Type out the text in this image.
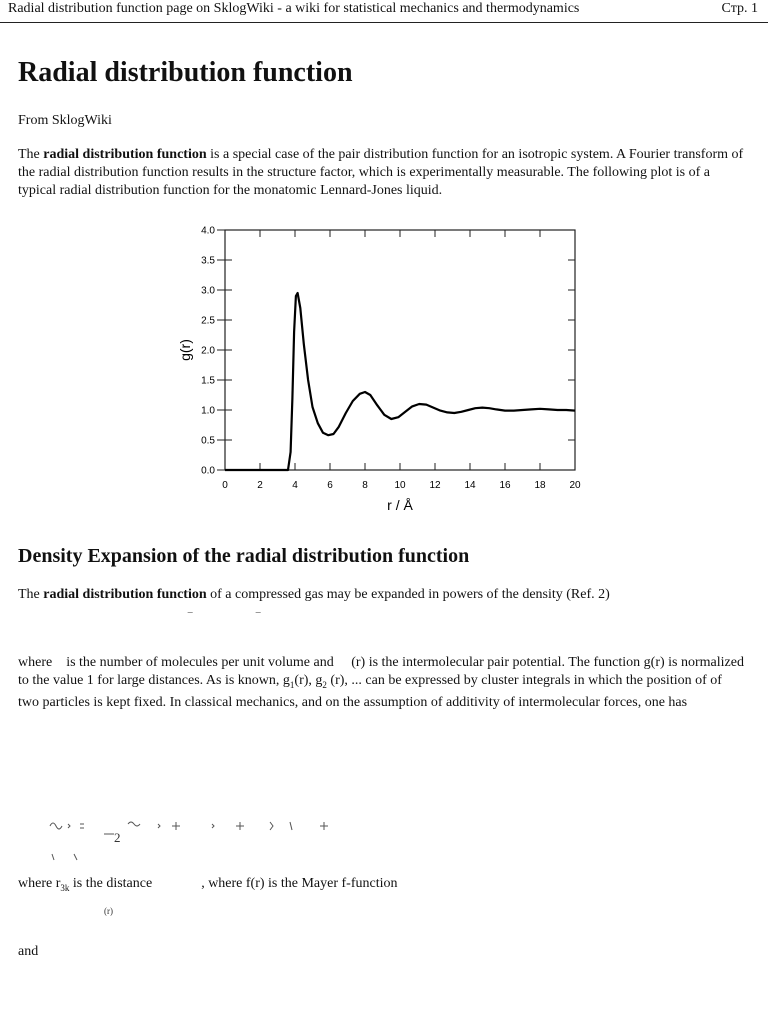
Radial distribution function page on SklogWiki - a wiki for statistical mechanics and thermodynamics	Стр. 1
Radial distribution function

From SklogWiki

The radial distribution function is a special case of the pair distribution function for an isotropic system. A Fourier transform of the radial distribution function results in the structure factor, which is experimentally measurable. The following plot is of a typical radial distribution function for the monatomic Lennard-Jones liquid.

0	2	4	6	8	10 12 14 16 18 20
0.0
0.5
1.0
1.5
2.0
2.5
3.0
3.5
4.0
r / Å
g(r)
Density Expansion of the radial distribution function

The radial distribution function of a compressed gas may be expanded in powers of the density (Ref. 2)

‾	‾

where is the number of molecules per unit volume and (r) is the intermolecular pair potential. The function g(r) is normalized to the value 1 for large distances. As is known, $g_1(r)$, $g_2$ (r), ... can be expressed by cluster integrals in which the position of of two particles is kept fixed. In classical mechanics, and on the assumption of additivity of intermolecular forces, one has

2

where $r_{3k}$ is the distance	, where f(r) is the Mayer f-function

(r)

and
